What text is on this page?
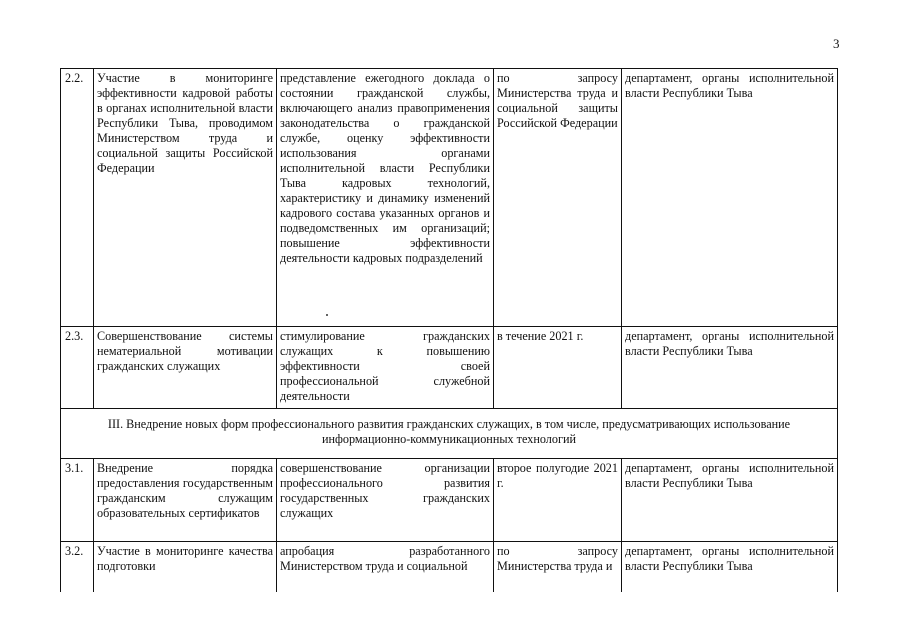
3
2.2.	Участие в мониторинге эффективности кадровой работы в органах исполнительной власти Республики Тыва, проводимом Министерством труда и социальной защиты Российской Федерации	представление ежегодного доклада о состоянии гражданской службы, включающего анализ правоприменения законодательства о гражданской службе, оценку эффективности использования органами исполнительной власти Республики Тыва кадровых технологий, характеристику и динамику изменений кадрового состава указанных органов и подведомственных им организаций; повышение эффективности деятельности кадровых подразделений	по запросу Министерства труда и социальной защиты Российской Федерации	департамент, органы исполнительной власти Республики Тыва
2.3.	Совершенствование системы нематериальной мотивации гражданских служащих	стимулирование гражданских служащих к повышению эффективности своей профессиональной служебной деятельности	в течение 2021 г.	департамент, органы исполнительной власти Республики Тыва
III. Внедрение новых форм профессионального развития гражданских служащих, в том числе, предусматривающих использование информационно-коммуникационных технологий				
3.1.	Внедрение порядка предоставления государственным гражданским служащим образовательных сертификатов	совершенствование организации профессионального развития государственных гражданских служащих	второе полугодие 2021 г.	департамент, органы исполнительной власти Республики Тыва
3.2.	Участие в мониторинге качества подготовки	апробация разработанного Министерством труда и социальной	по запросу Министерства труда и	департамент, органы исполнительной власти Республики Тыва
